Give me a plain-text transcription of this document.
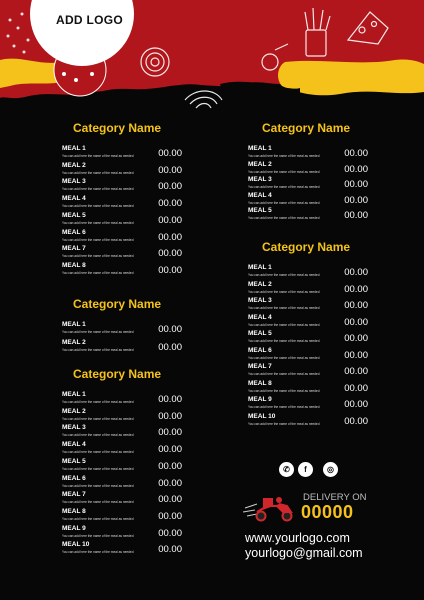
ADD LOGO
Category Name
MEAL 1
You can add here the name of the meal as needed	00.00
MEAL 2
You can add here the name of the meal as needed	00.00
MEAL 3
You can add here the name of the meal as needed	00.00
MEAL 4
You can add here the name of the meal as needed	00.00
MEAL 5
You can add here the name of the meal as needed	00.00
MEAL 6
You can add here the name of the meal as needed	00.00
MEAL 7
You can add here the name of the meal as needed	00.00
MEAL 8
You can add here the name of the meal as needed	00.00
Category Name
MEAL 1
You can add here the name of the meal as needed	00.00
MEAL 2
You can add here the name of the meal as needed	00.00
Category Name
MEAL 1
You can add here the name of the meal as needed	00.00
MEAL 2
You can add here the name of the meal as needed	00.00
MEAL 3
You can add here the name of the meal as needed	00.00
MEAL 4
You can add here the name of the meal as needed	00.00
MEAL 5
You can add here the name of the meal as needed	00.00
MEAL 6
You can add here the name of the meal as needed	00.00
MEAL 7
You can add here the name of the meal as needed	00.00
MEAL 8
You can add here the name of the meal as needed	00.00
MEAL 9
You can add here the name of the meal as needed	00.00
MEAL 10
You can add here the name of the meal as needed	00.00
Category Name
MEAL 1
You can add here the name of the meal as needed	00.00
MEAL 2
You can add here the name of the meal as needed	00.00
MEAL 3
You can add here the name of the meal as needed	00.00
MEAL 4
You can add here the name of the meal as needed	00.00
MEAL 5
You can add here the name of the meal as needed	00.00
Category Name
MEAL 1
You can add here the name of the meal as needed	00.00
MEAL 2
You can add here the name of the meal as needed	00.00
MEAL 3
You can add here the name of the meal as needed	00.00
MEAL 4
You can add here the name of the meal as needed	00.00
MEAL 5
You can add here the name of the meal as needed	00.00
MEAL 6
You can add here the name of the meal as needed	00.00
MEAL 7
You can add here the name of the meal as needed	00.00
MEAL 8
You can add here the name of the meal as needed	00.00
MEAL 9
You can add here the name of the meal as needed	00.00
MEAL 10
You can add here the name of the meal as needed	00.00
✆	f	◎
DELIVERY ON
00000
www.yourlogo.com
yourlogo@gmail.com
